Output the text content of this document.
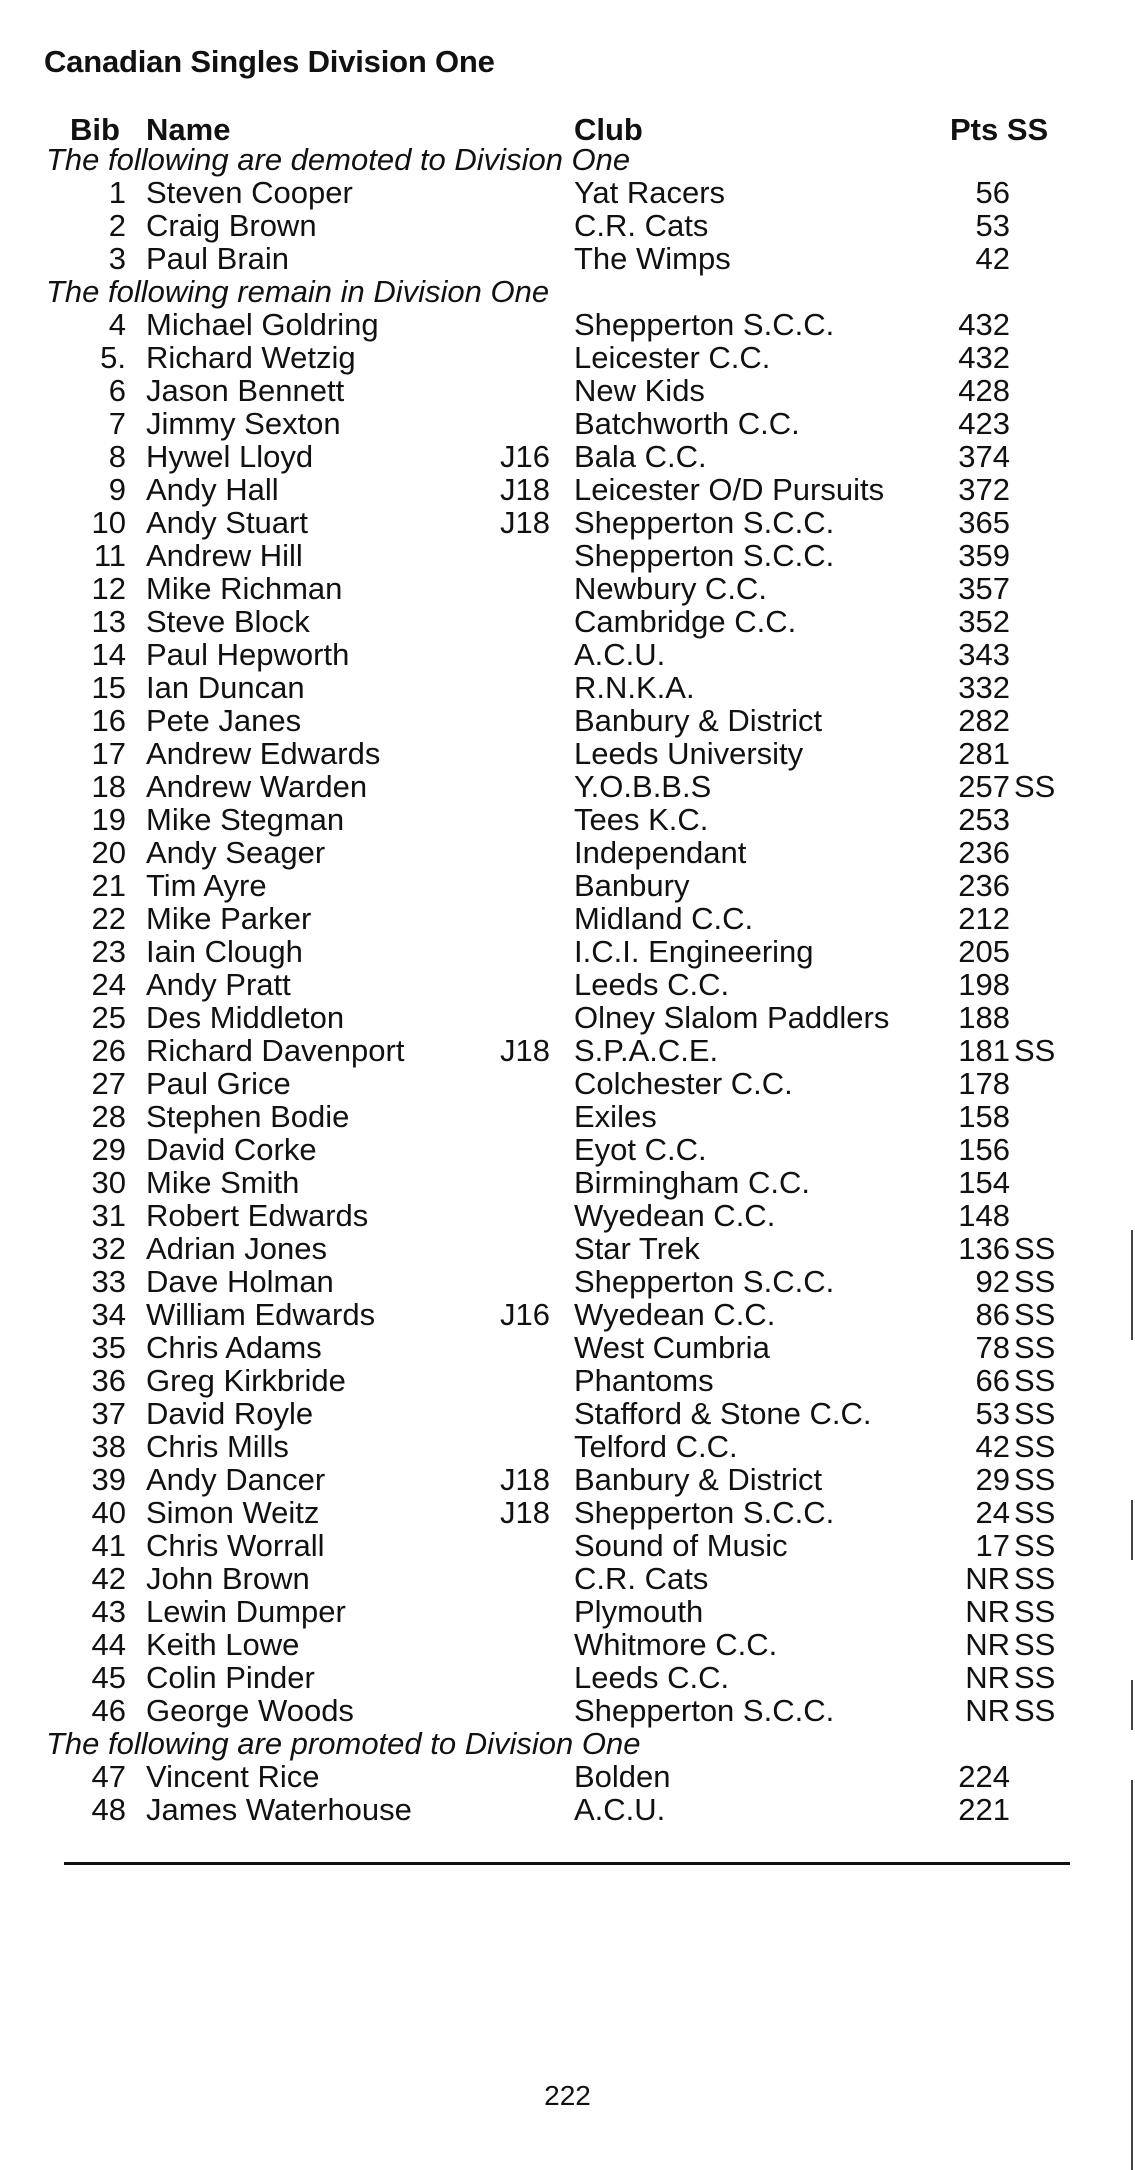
Canadian Singles Division One
Bib Name	Club	Pts SS
The following are demoted to Division One
1 Steven Cooper	Yat Racers	56
2 Craig Brown	C.R. Cats	53
3 Paul Brain	The Wimps	42
The following remain in Division One
4 Michael Goldring	Shepperton S.C.C.	432
5. Richard Wetzig	Leicester C.C.	432
6 Jason Bennett	New Kids	428
7 Jimmy Sexton	Batchworth C.C.	423
8 Hywel Lloyd	J16 Bala C.C.	374
9 Andy Hall	J18 Leicester O/D Pursuits	372
10 Andy Stuart	J18 Shepperton S.C.C.	365
11 Andrew Hill	Shepperton S.C.C.	359
12 Mike Richman	Newbury C.C.	357
13 Steve Block	Cambridge C.C.	352
14 Paul Hepworth	A.C.U.	343
15 Ian Duncan	R.N.K.A.	332
16 Pete Janes	Banbury & District	282
17 Andrew Edwards	Leeds University	281
18 Andrew Warden	Y.O.B.B.S	257 SS
19 Mike Stegman	Tees K.C.	253
20 Andy Seager	Independant	236
21 Tim Ayre	Banbury	236
22 Mike Parker	Midland C.C.	212
23 Iain Clough	I.C.I. Engineering	205
24 Andy Pratt	Leeds C.C.	198
25 Des Middleton	Olney Slalom Paddlers	188
26 Richard Davenport	J18 S.P.A.C.E.	181 SS
27 Paul Grice	Colchester C.C.	178
28 Stephen Bodie	Exiles	158
29 David Corke	Eyot C.C.	156
30 Mike Smith	Birmingham C.C.	154
31 Robert Edwards	Wyedean C.C.	148
32 Adrian Jones	Star Trek	136 SS
33 Dave Holman	Shepperton S.C.C.	92 SS
34 William Edwards	J16 Wyedean C.C.	86 SS
35 Chris Adams	West Cumbria	78 SS
36 Greg Kirkbride	Phantoms	66 SS
37 David Royle	Stafford & Stone C.C.	53 SS
38 Chris Mills	Telford C.C.	42 SS
39 Andy Dancer	J18 Banbury & District	29 SS
40 Simon Weitz	J18 Shepperton S.C.C.	24 SS
41 Chris Worrall	Sound of Music	17 SS
42 John Brown	C.R. Cats	NR SS
43 Lewin Dumper	Plymouth	NR SS
44 Keith Lowe	Whitmore C.C.	NR SS
45 Colin Pinder	Leeds C.C.	NR SS
46 George Woods	Shepperton S.C.C.	NR SS
The following are promoted to Division One
47 Vincent Rice	Bolden	224
48 James Waterhouse	A.C.U.	221
222
